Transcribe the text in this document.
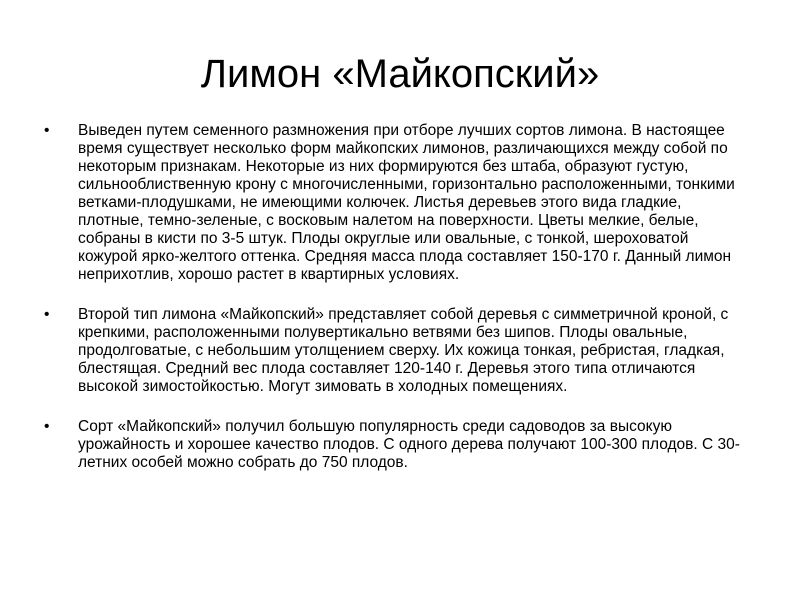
Лимон «Майкопский»
•	Выведен путем семенного размножения при отборе лучших сортов лимона. В настоящее время существует несколько форм майкопских лимонов, различающихся между собой по некоторым признакам. Некоторые из них формируются без штаба, образуют густую, сильнооблиственную крону с многочисленными, горизонтально расположенными, тонкими ветками-плодушками, не имеющими колючек. Листья деревьев этого вида гладкие, плотные, темно-зеленые, с восковым налетом на поверхности. Цветы мелкие, белые, собраны в кисти по 3-5 штук. Плоды округлые или овальные, с тонкой, шероховатой кожурой ярко-желтого оттенка. Средняя масса плода составляет 150-170 г. Данный лимон неприхотлив, хорошо растет в квартирных условиях.
•	Второй тип лимона «Майкопский» представляет собой деревья с симметричной кроной, с крепкими, расположенными полувертикально ветвями без шипов. Плоды овальные, продолговатые, с небольшим утолщением сверху. Их кожица тонкая, ребристая, гладкая, блестящая. Средний вес плода составляет 120-140 г. Деревья этого типа отличаются высокой зимостойкостью. Могут зимовать в холодных помещениях.
•	Сорт «Майкопский» получил большую популярность среди садоводов за высокую урожайность и хорошее качество плодов. С одного дерева получают 100-300 плодов. С 30-летних особей можно собрать до 750 плодов.
